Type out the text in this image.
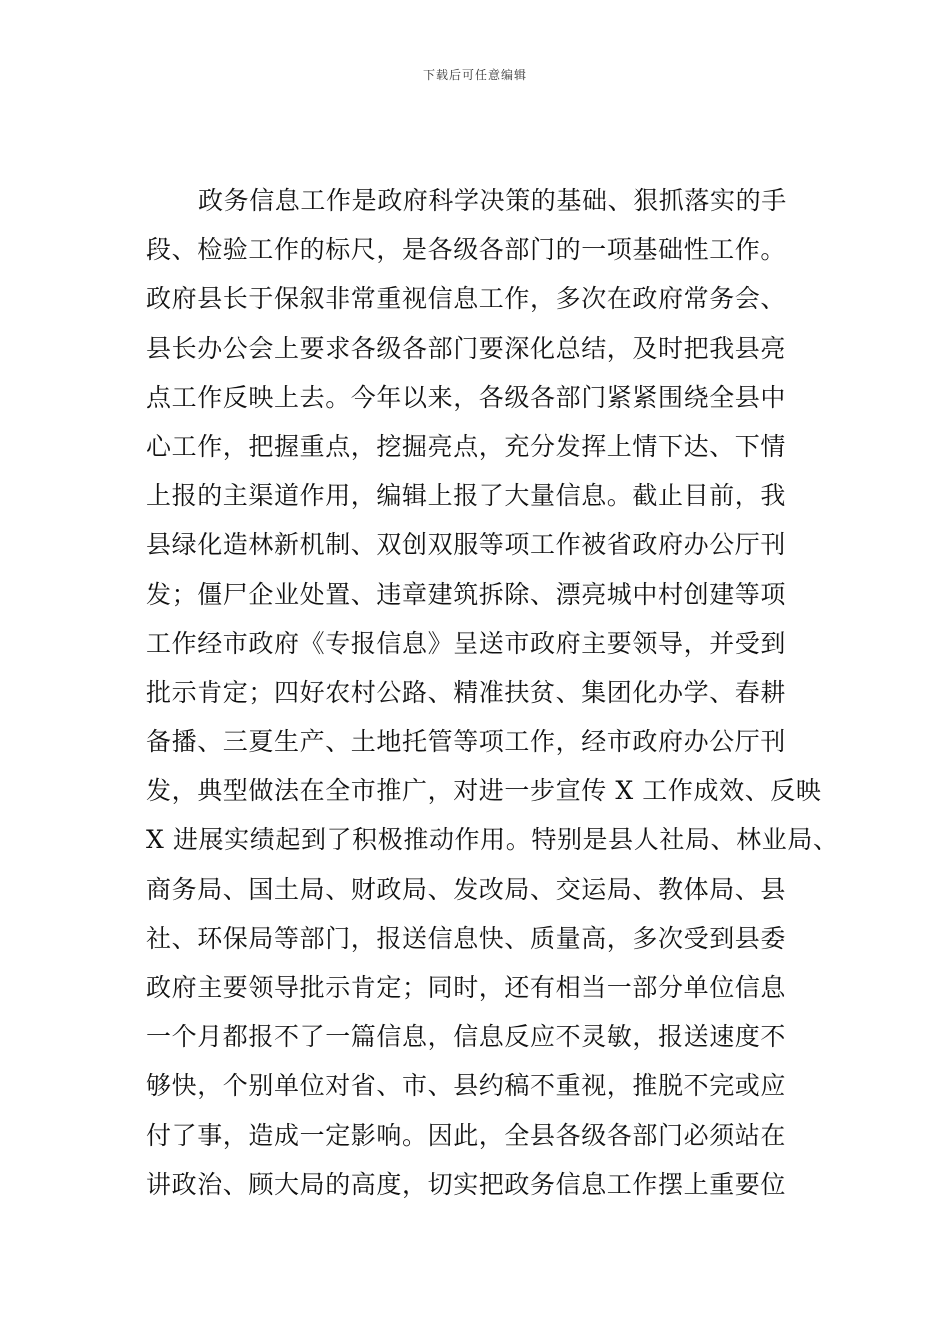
下载后可任意编辑
政务信息工作是政府科学决策的基础、狠抓落实的手
段、检验工作的标尺，是各级各部门的一项基础性工作。
政府县长于保叙非常重视信息工作，多次在政府常务会、
县长办公会上要求各级各部门要深化总结，及时把我县亮
点工作反映上去。今年以来，各级各部门紧紧围绕全县中
心工作，把握重点，挖掘亮点，充分发挥上情下达、下情
上报的主渠道作用，编辑上报了大量信息。截止目前，我
县绿化造林新机制、双创双服等项工作被省政府办公厅刊
发；僵尸企业处置、违章建筑拆除、漂亮城中村创建等项
工作经市政府《专报信息》呈送市政府主要领导，并受到
批示肯定；四好农村公路、精准扶贫、集团化办学、春耕
备播、三夏生产、土地托管等项工作，经市政府办公厅刊
发，典型做法在全市推广，对进一步宣传 X 工作成效、反映
X 进展实绩起到了积极推动作用。特别是县人社局、林业局、
商务局、国土局、财政局、发改局、交运局、教体局、县
社、环保局等部门，报送信息快、质量高，多次受到县委
政府主要领导批示肯定；同时，还有相当一部分单位信息
一个月都报不了一篇信息，信息反应不灵敏，报送速度不
够快，个别单位对省、市、县约稿不重视，推脱不完或应
付了事，造成一定影响。因此，全县各级各部门必须站在
讲政治、顾大局的高度，切实把政务信息工作摆上重要位
